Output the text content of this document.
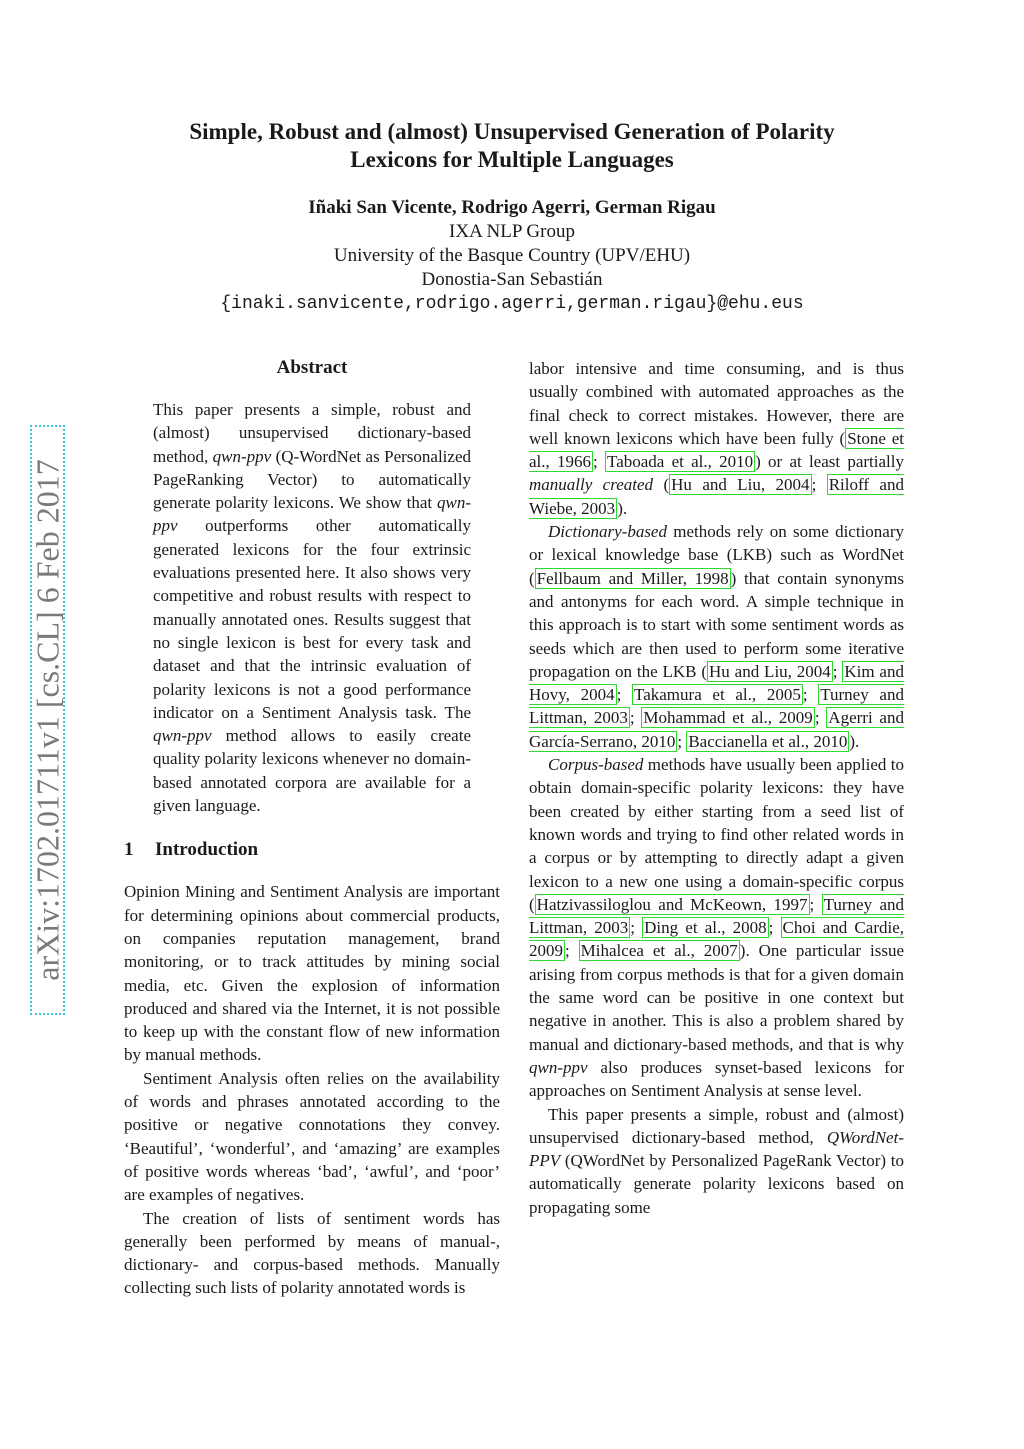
Simple, Robust and (almost) Unsupervised Generation of Polarity
Lexicons for Multiple Languages
Iñaki San Vicente, Rodrigo Agerri, German Rigau
IXA NLP Group
University of the Basque Country (UPV/EHU)
Donostia-San Sebastián
{inaki.sanvicente,rodrigo.agerri,german.rigau}@ehu.eus
arXiv:1702.01711v1 [cs.CL] 6 Feb 2017
Abstract

This paper presents a simple, robust and (almost) unsupervised dictionary-based method, qwn-ppv (Q-WordNet as Personalized PageRanking Vector) to automatically generate polarity lexicons. We show that qwn-ppv outperforms other automatically generated lexicons for the four extrinsic evaluations presented here. It also shows very competitive and robust results with respect to manually annotated ones. Results suggest that no single lexicon is best for every task and dataset and that the intrinsic evaluation of polarity lexicons is not a good performance indicator on a Sentiment Analysis task. The qwn-ppv method allows to easily create quality polarity lexicons whenever no domain-based annotated corpora are available for a given language.

1 Introduction

Opinion Mining and Sentiment Analysis are important for determining opinions about commercial products, on companies reputation management, brand monitoring, or to track attitudes by mining social media, etc. Given the explosion of information produced and shared via the Internet, it is not possible to keep up with the constant flow of new information by manual methods.

Sentiment Analysis often relies on the availability of words and phrases annotated according to the positive or negative connotations they convey. ‘Beautiful’, ‘wonderful’, and ‘amazing’ are examples of positive words whereas ‘bad’, ‘awful’, and ‘poor’ are examples of negatives.

The creation of lists of sentiment words has generally been performed by means of manual-, dictionary- and corpus-based methods. Manually collecting such lists of polarity annotated words is

labor intensive and time consuming, and is thus usually combined with automated approaches as the final check to correct mistakes. However, there are well known lexicons which have been fully ( Stone et al., 1966 ; Taboada et al., 2010 ) or at least partially manually created ( Hu and Liu, 2004 ; Riloff and Wiebe, 2003 ).

Dictionary-based methods rely on some dictionary or lexical knowledge base (LKB) such as WordNet ( Fellbaum and Miller, 1998 ) that contain synonyms and antonyms for each word. A simple technique in this approach is to start with some sentiment words as seeds which are then used to perform some iterative propagation on the LKB ( Hu and Liu, 2004 ; Kim and Hovy, 2004 ; Takamura et al., 2005 ; Turney and Littman, 2003 ; Mohammad et al., 2009 ; Agerri and García-Serrano, 2010 ; Baccianella et al., 2010 ).

Corpus-based methods have usually been applied to obtain domain-specific polarity lexicons: they have been created by either starting from a seed list of known words and trying to find other related words in a corpus or by attempting to directly adapt a given lexicon to a new one using a domain-specific corpus ( Hatzivassiloglou and McKeown, 1997 ; Turney and Littman, 2003 ; Ding et al., 2008 ; Choi and Cardie, 2009 ; Mihalcea et al., 2007 ). One particular issue arising from corpus methods is that for a given domain the same word can be positive in one context but negative in another. This is also a problem shared by manual and dictionary-based methods, and that is why qwn-ppv also produces synset-based lexicons for approaches on Sentiment Analysis at sense level.

This paper presents a simple, robust and (almost) unsupervised dictionary-based method, QWordNet-PPV (QWordNet by Personalized PageRank Vector) to automatically generate polarity lexicons based on propagating some
